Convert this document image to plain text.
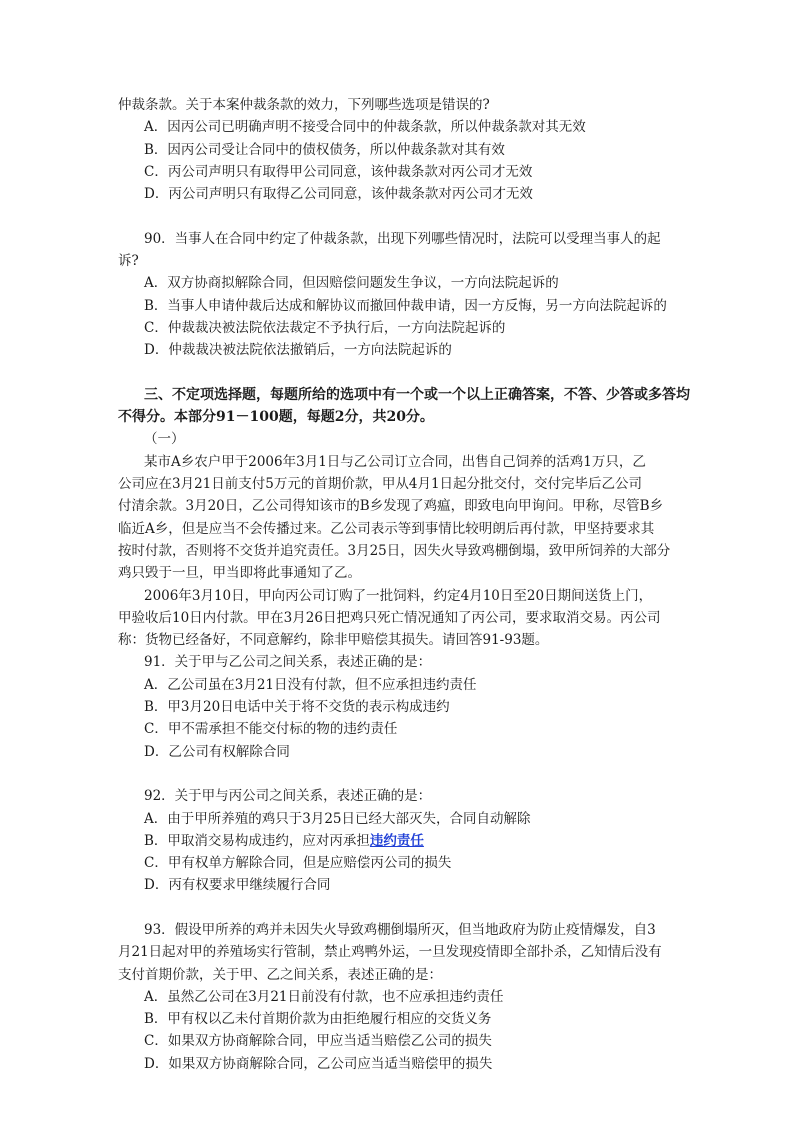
仲裁条款。关于本案仲裁条款的效力，下列哪些选项是错误的?

A．因丙公司已明确声明不接受合同中的仲裁条款，所以仲裁条款对其无效

B．因丙公司受让合同中的债权债务，所以仲裁条款对其有效

C．丙公司声明只有取得甲公司同意，该仲裁条款对丙公司才无效

D．丙公司声明只有取得乙公司同意，该仲裁条款对丙公司才无效

90．当事人在合同中约定了仲裁条款，出现下列哪些情况时，法院可以受理当事人的起

诉?

A．双方协商拟解除合同，但因赔偿问题发生争议，一方向法院起诉的

B．当事人申请仲裁后达成和解协议而撤回仲裁申请，因一方反悔，另一方向法院起诉的

C．仲裁裁决被法院依法裁定不予执行后，一方向法院起诉的

D．仲裁裁决被法院依法撤销后，一方向法院起诉的

三、不定项选择题，每题所给的选项中有一个或一个以上正确答案，不答、少答或多答均

不得分。本部分91－100题，每题2分，共20分。

（一）

某市A乡农户甲于2006年3月1日与乙公司订立合同，出售自己饲养的活鸡1万只，乙

公司应在3月21日前支付5万元的首期价款，甲从4月1日起分批交付，交付完毕后乙公司

付清余款。3月20日，乙公司得知该市的B乡发现了鸡瘟，即致电向甲询问。甲称，尽管B乡

临近A乡，但是应当不会传播过来。乙公司表示等到事情比较明朗后再付款，甲坚持要求其

按时付款，否则将不交货并追究责任。3月25日，因失火导致鸡棚倒塌，致甲所饲养的大部分

鸡只毁于一旦，甲当即将此事通知了乙。

2006年3月10日，甲向丙公司订购了一批饲料，约定4月10日至20日期间送货上门，

甲验收后10日内付款。甲在3月26日把鸡只死亡情况通知了丙公司，要求取消交易。丙公司

称：货物已经备好，不同意解约，除非甲赔偿其损失。请回答91-93题。

91．关于甲与乙公司之间关系，表述正确的是：

A．乙公司虽在3月21日没有付款，但不应承担违约责任

B．甲3月20日电话中关于将不交货的表示构成违约

C．甲不需承担不能交付标的物的违约责任

D．乙公司有权解除合同

92．关于甲与丙公司之间关系，表述正确的是：

A．由于甲所养殖的鸡只于3月25日已经大部灭失，合同自动解除

B．甲取消交易构成违约，应对丙承担违约责任

C．甲有权单方解除合同，但是应赔偿丙公司的损失

D．丙有权要求甲继续履行合同

93．假设甲所养的鸡并未因失火导致鸡棚倒塌所灭，但当地政府为防止疫情爆发，自3

月21日起对甲的养殖场实行管制，禁止鸡鸭外运，一旦发现疫情即全部扑杀，乙知情后没有

支付首期价款，关于甲、乙之间关系，表述正确的是：

A．虽然乙公司在3月21日前没有付款，也不应承担违约责任

B．甲有权以乙未付首期价款为由拒绝履行相应的交货义务

C．如果双方协商解除合同，甲应当适当赔偿乙公司的损失

D．如果双方协商解除合同，乙公司应当适当赔偿甲的损失
